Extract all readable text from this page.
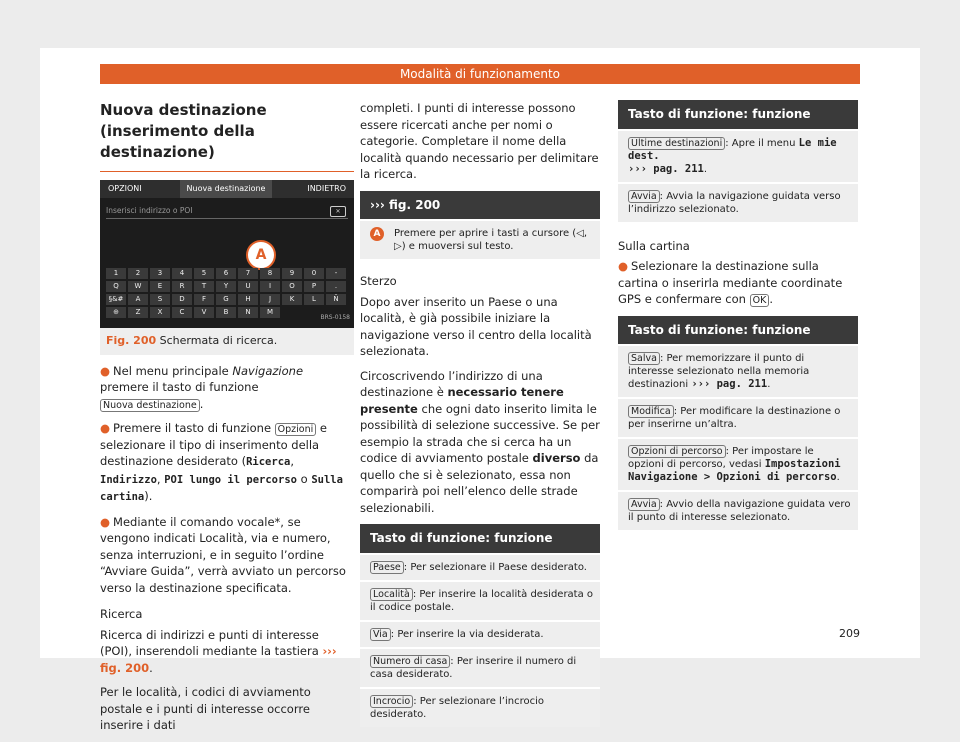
Modalità di funzionamento
Nuova destinazione (inserimento della destinazione)
OPZIONI	Nuova destinazione	INDIETRO
Inserisci indirizzo o POI	✕
A
1	2	3	4	5	6	7	8	9	0	-
Q	W	E	R	T	Y	U	I	O	P	.
§&#	A	S	D	F	G	H	J	K	L	Ñ
⊕	Z	X	C	V	B	N	M
BRS-0158
Fig. 200 Schermata di ricerca.

● Nel menu principale Navigazione premere il tasto di funzione Nuova destinazione .

● Premere il tasto di funzione Opzioni e selezionare il tipo di inserimento della destinazione desiderato (Ricerca, Indirizzo, POI lungo il percorso o Sulla cartina).

● Mediante il comando vocale*, se vengono indicati Località, via e numero, senza interruzioni, e in seguito l’ordine “Avviare Guida”, verrà avviato un percorso verso la destinazione specificata.

Ricerca

Ricerca di indirizzi e punti di interesse (POI), inserendoli mediante la tastiera ››› fig. 200.

Per le località, i codici di avviamento postale e i punti di interesse occorre inserire i dati

completi. I punti di interesse possono essere ricercati anche per nomi o categorie. Completare il nome della località quando necessario per delimitare la ricerca.

››› fig. 200
A	Premere per aprire i tasti a cursore (◁, ▷) e muoversi sul testo.
Sterzo

Dopo aver inserito un Paese o una località, è già possibile iniziare la navigazione verso il centro della località selezionata.

Circoscrivendo l’indirizzo di una destinazione è necessario tenere presente che ogni dato inserito limita le possibilità di selezione successive. Se per esempio la strada che si cerca ha un codice di avviamento postale diverso da quello che si è selezionato, essa non comparirà poi nell’elenco delle strade selezionabili.

Tasto di funzione: funzione
Paese : Per selezionare il Paese desiderato.
Località : Per inserire la località desiderata o il codice postale.
Via : Per inserire la via desiderata.
Numero di casa : Per inserire il numero di casa desiderato.
Incrocio : Per selezionare l’incrocio desiderato.
Tasto di funzione: funzione
Ultime destinazioni : Apre il menu Le mie dest.
››› pag. 211.
Avvia : Avvia la navigazione guidata verso l’indirizzo selezionato.
Sulla cartina

● Selezionare la destinazione sulla cartina o inserirla mediante coordinate GPS e confermare con OK .

Tasto di funzione: funzione
Salva : Per memorizzare il punto di interesse selezionato nella memoria destinazioni ››› pag. 211.
Modifica : Per modificare la destinazione o per inserirne un’altra.
Opzioni di percorso : Per impostare le opzioni di percorso, vedasi Impostazioni Navigazione > Opzioni di percorso.
Avvia : Avvio della navigazione guidata vero il punto di interesse selezionato.
209
